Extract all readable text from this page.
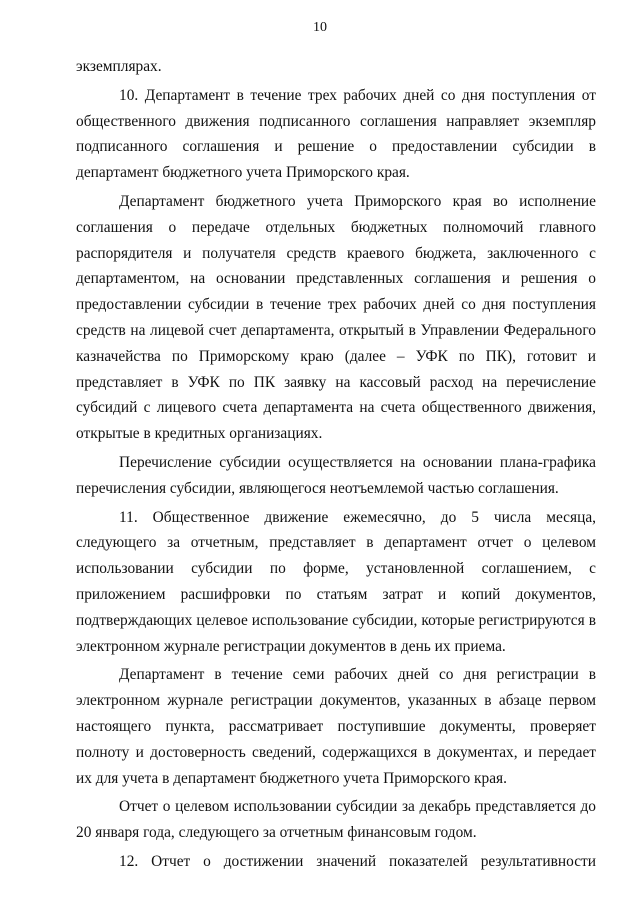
10

экземплярах.

10. Департамент в течение трех рабочих дней со дня поступления от общественного движения подписанного соглашения направляет экземпляр подписанного соглашения и решение о предоставлении субсидии в департамент бюджетного учета Приморского края.

Департамент бюджетного учета Приморского края во исполнение соглашения о передаче отдельных бюджетных полномочий главного распорядителя и получателя средств краевого бюджета, заключенного с департаментом, на основании представленных соглашения и решения о предоставлении субсидии в течение трех рабочих дней со дня поступления средств на лицевой счет департамента, открытый в Управлении Федерального казначейства по Приморскому краю (далее – УФК по ПК), готовит и представляет в УФК по ПК заявку на кассовый расход на перечисление субсидий с лицевого счета департамента на счета общественного движения, открытые в кредитных организациях.

Перечисление субсидии осуществляется на основании плана-графика перечисления субсидии, являющегося неотъемлемой частью соглашения.

11. Общественное движение ежемесячно, до 5 числа месяца, следующего за отчетным, представляет в департамент отчет о целевом использовании субсидии по форме, установленной соглашением, с приложением расшифровки по статьям затрат и копий документов, подтверждающих целевое использование субсидии, которые регистрируются в электронном журнале регистрации документов в день их приема.

Департамент в течение семи рабочих дней со дня регистрации в электронном журнале регистрации документов, указанных в абзаце первом настоящего пункта, рассматривает поступившие документы, проверяет полноту и достоверность сведений, содержащихся в документах, и передает их для учета в департамент бюджетного учета Приморского края.

Отчет о целевом использовании субсидии за декабрь представляется до 20 января года, следующего за отчетным финансовым годом.

12. Отчет о достижении значений показателей результативности
